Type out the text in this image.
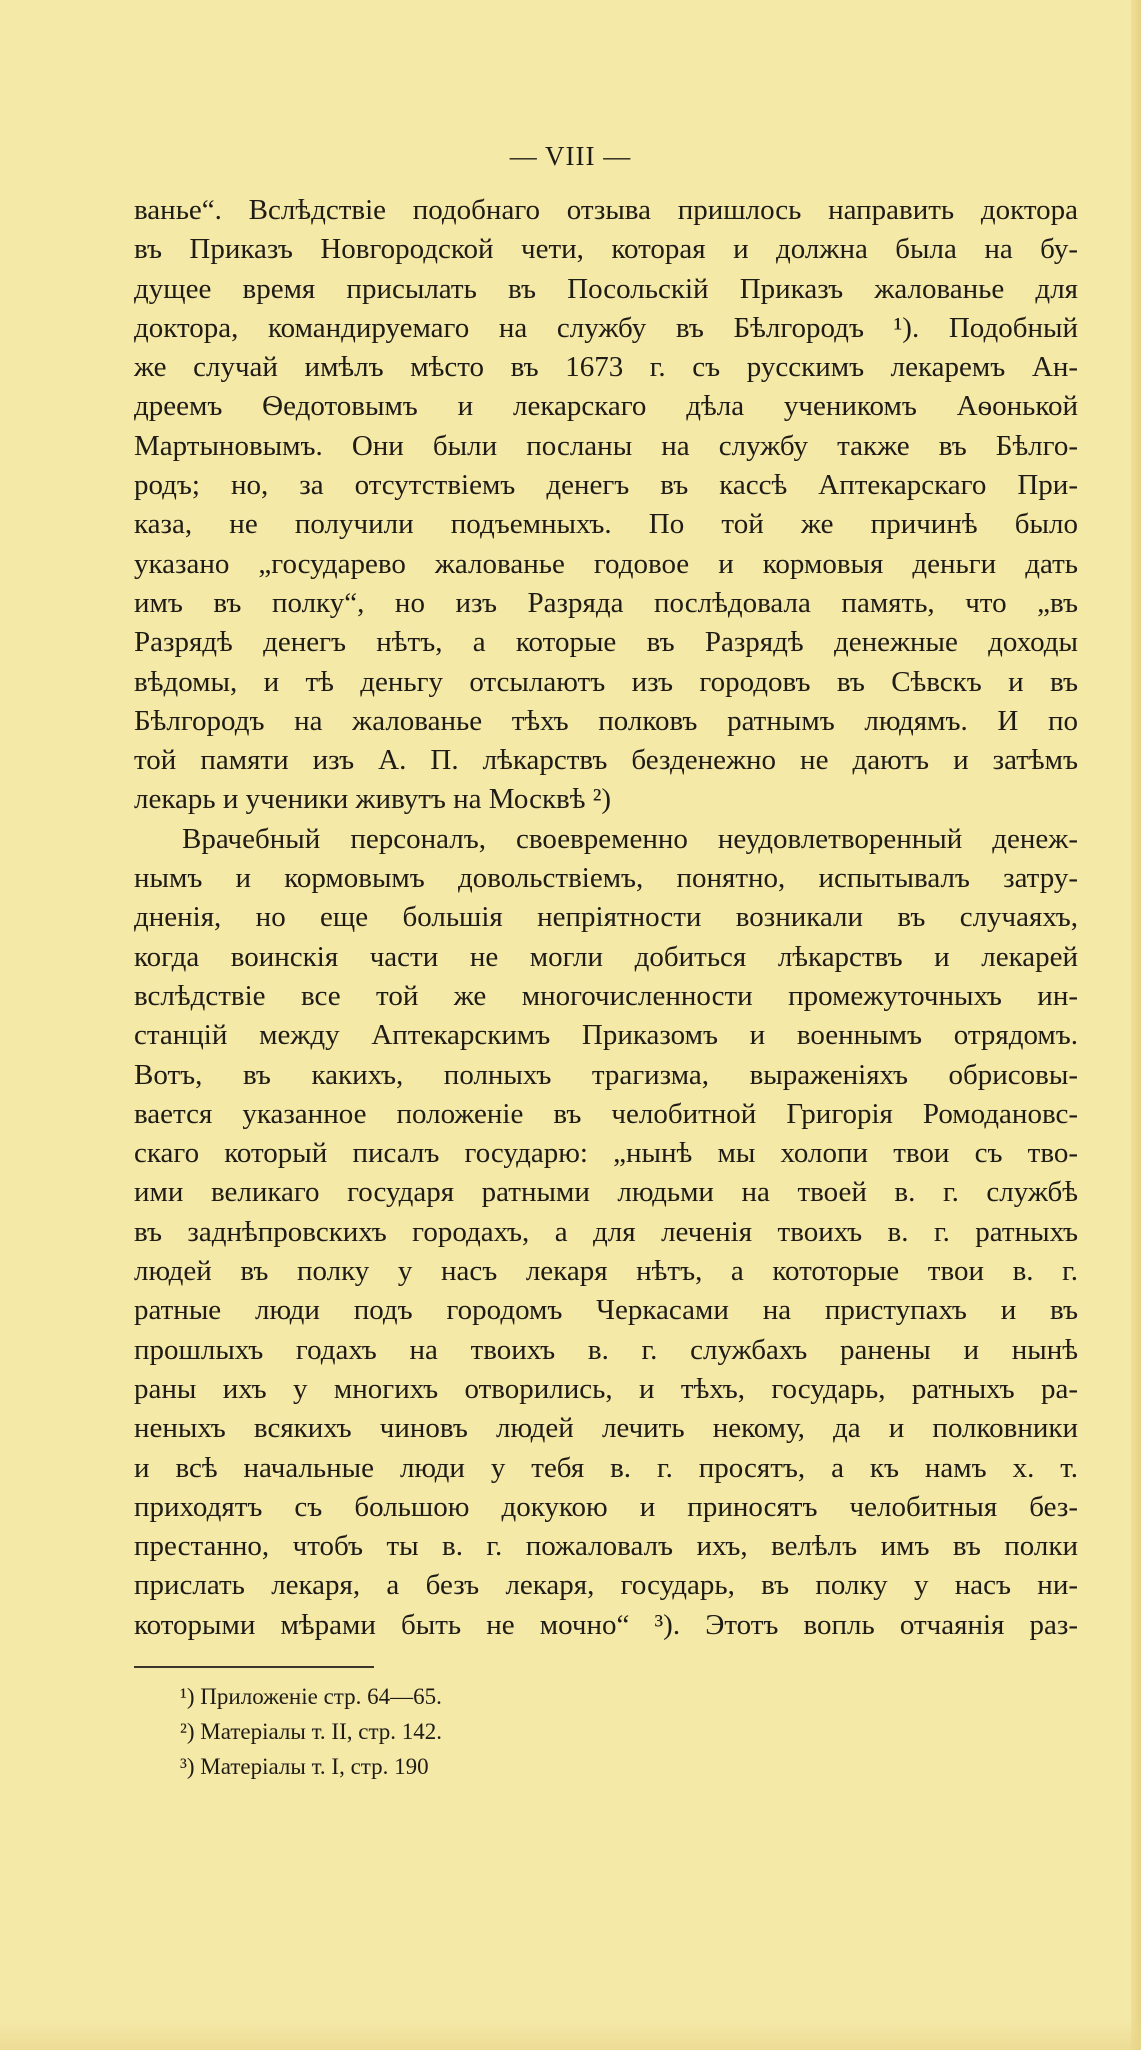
— VIII —
ванье“. Вслѣдствіе подобнаго отзыва пришлось направить доктора
въ Приказъ Новгородской чети, которая и должна была на бу-
дущее время присылать въ Посольскій Приказъ жалованье для
доктора, командируемаго на службу въ Бѣлгородъ ¹). Подобный
же случай имѣлъ мѣсто въ 1673 г. съ русскимъ лекаремъ Ан-
дреемъ Ѳедотовымъ и лекарскаго дѣла ученикомъ Аѳонькой
Мартыновымъ. Они были посланы на службу также въ Бѣлго-
родъ; но, за отсутствіемъ денегъ въ кассѣ Аптекарскаго При-
каза, не получили подъемныхъ. По той же причинѣ было
указано „государево жалованье годовое и кормовыя деньги дать
имъ въ полку“, но изъ Разряда послѣдовала память, что „въ
Разрядѣ денегъ нѣтъ, а которые въ Разрядѣ денежные доходы
вѣдомы, и тѣ деньгу отсылаютъ изъ городовъ въ Сѣвскъ и въ
Бѣлгородъ на жалованье тѣхъ полковъ ратнымъ людямъ. И по
той памяти изъ А. П. лѣкарствъ безденежно не даютъ и затѣмъ
лекарь и ученики живутъ на Москвѣ ²)
Врачебный персоналъ, своевременно неудовлетворенный денеж-
нымъ и кормовымъ довольствіемъ, понятно, испытывалъ затру-
дненія, но еще большія непріятности возникали въ случаяхъ,
когда воинскія части не могли добиться лѣкарствъ и лекарей
вслѣдствіе все той же многочисленности промежуточныхъ ин-
станцій между Аптекарскимъ Приказомъ и военнымъ отрядомъ.
Вотъ, въ какихъ, полныхъ трагизма, выраженіяхъ обрисовы-
вается указанное положеніе въ челобитной Григорія Ромодановс-
скаго который писалъ государю: „нынѣ мы холопи твои съ тво-
ими великаго государя ратными людьми на твоей в. г. службѣ
въ заднѣпровскихъ городахъ, а для леченія твоихъ в. г. ратныхъ
людей въ полку у насъ лекаря нѣтъ, а кототорые твои в. г.
ратные люди подъ городомъ Черкасами на приступахъ и въ
прошлыхъ годахъ на твоихъ в. г. службахъ ранены и нынѣ
раны ихъ у многихъ отворились, и тѣхъ, государь, ратныхъ ра-
неныхъ всякихъ чиновъ людей лечить некому, да и полковники
и всѣ начальные люди у тебя в. г. просятъ, а къ намъ х. т.
приходятъ съ большою докукою и приносятъ челобитныя без-
престанно, чтобъ ты в. г. пожаловалъ ихъ, велѣлъ имъ въ полки
прислать лекаря, а безъ лекаря, государь, въ полку у насъ ни-
которыми мѣрами быть не мочно“ ³). Этотъ вопль отчаянія раз-
¹) Приложеніе стр. 64—65.
²) Матеріалы т. II, стр. 142.
³) Матеріалы т. I, стр. 190
